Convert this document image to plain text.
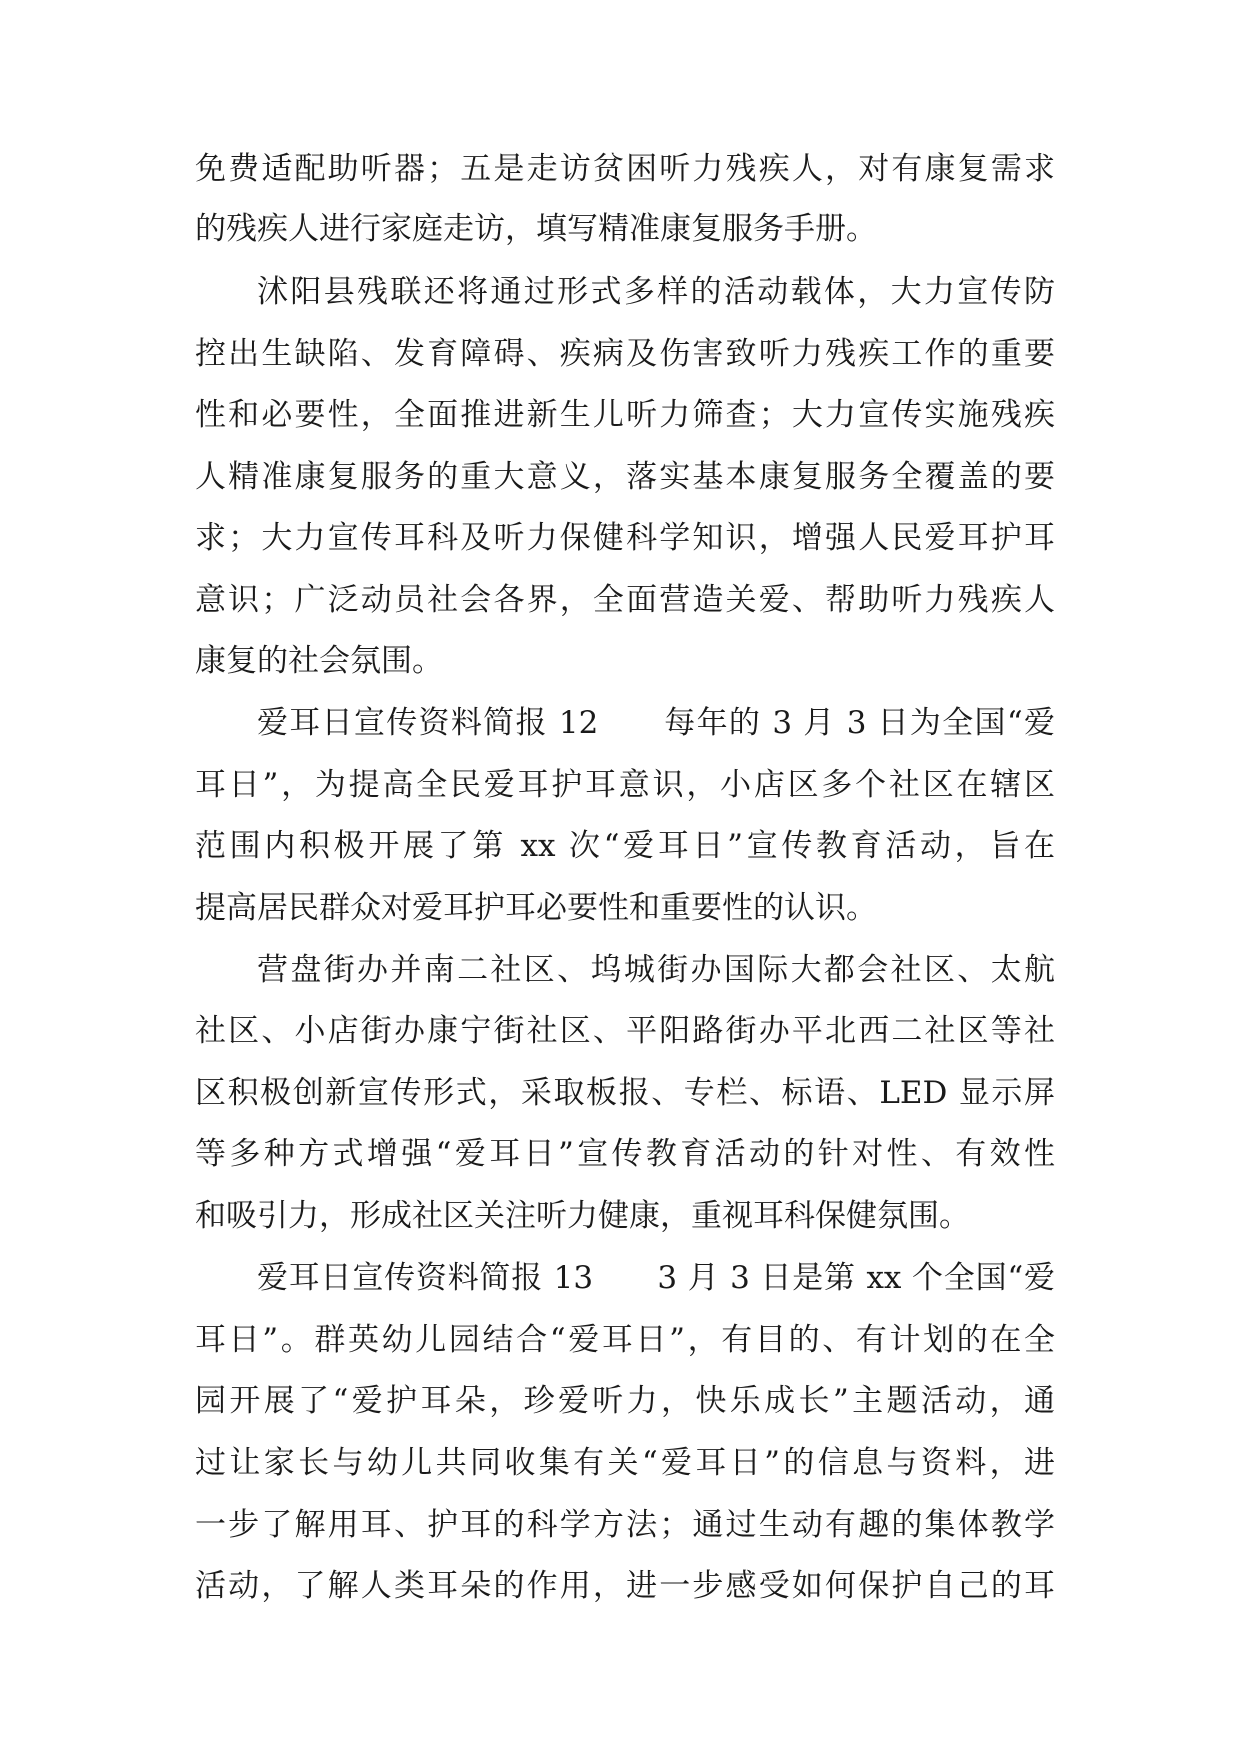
免费适配助听器；五是走访贫困听力残疾人，对有康复需求
的残疾人进行家庭走访，填写精准康复服务手册。
沭阳县残联还将通过形式多样的活动载体，大力宣传防
控出生缺陷、发育障碍、疾病及伤害致听力残疾工作的重要
性和必要性，全面推进新生儿听力筛查；大力宣传实施残疾
人精准康复服务的重大意义，落实基本康复服务全覆盖的要
求；大力宣传耳科及听力保健科学知识，增强人民爱耳护耳
意识；广泛动员社会各界，全面营造关爱、帮助听力残疾人
康复的社会氛围。
爱耳日宣传资料简报 12　　每年的 3 月 3 日为全国“爱
耳日”，为提高全民爱耳护耳意识，小店区多个社区在辖区
范围内积极开展了第 xx 次“爱耳日”宣传教育活动，旨在
提高居民群众对爱耳护耳必要性和重要性的认识。
营盘街办并南二社区、坞城街办国际大都会社区、太航
社区、小店街办康宁街社区、平阳路街办平北西二社区等社
区积极创新宣传形式，采取板报、专栏、标语、LED 显示屏
等多种方式增强“爱耳日”宣传教育活动的针对性、有效性
和吸引力，形成社区关注听力健康，重视耳科保健氛围。
爱耳日宣传资料简报 13　　3 月 3 日是第 xx 个全国“爱
耳日”。群英幼儿园结合“爱耳日”，有目的、有计划的在全
园开展了“爱护耳朵，珍爱听力，快乐成长”主题活动，通
过让家长与幼儿共同收集有关“爱耳日”的信息与资料，进
一步了解用耳、护耳的科学方法；通过生动有趣的集体教学
活动，了解人类耳朵的作用，进一步感受如何保护自己的耳
